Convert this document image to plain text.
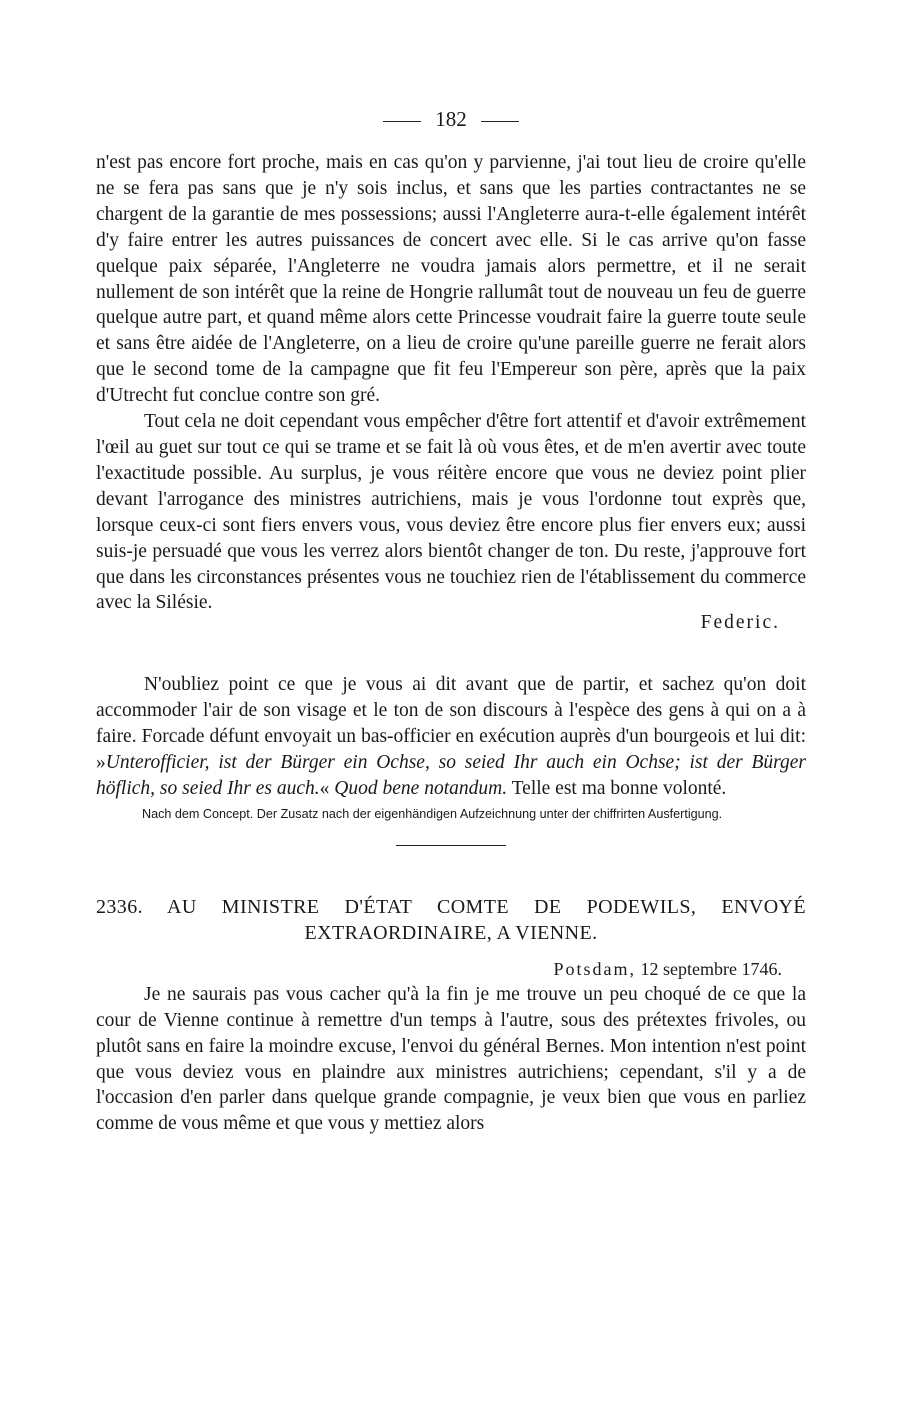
182

n'est pas encore fort proche, mais en cas qu'on y parvienne, j'ai tout lieu de croire qu'elle ne se fera pas sans que je n'y sois inclus, et sans que les parties contractantes ne se chargent de la garantie de mes possessions; aussi l'Angleterre aura-t-elle également intérêt d'y faire entrer les autres puissances de concert avec elle. Si le cas arrive qu'on fasse quelque paix séparée, l'Angleterre ne voudra jamais alors permettre, et il ne serait nullement de son intérêt que la reine de Hongrie rallumât tout de nouveau un feu de guerre quelque autre part, et quand même alors cette Princesse voudrait faire la guerre toute seule et sans être aidée de l'Angleterre, on a lieu de croire qu'une pareille guerre ne ferait alors que le second tome de la campagne que fit feu l'Empereur son père, après que la paix d'Utrecht fut conclue contre son gré.

Tout cela ne doit cependant vous empêcher d'être fort attentif et d'avoir extrêmement l'œil au guet sur tout ce qui se trame et se fait là où vous êtes, et de m'en avertir avec toute l'exactitude possible. Au surplus, je vous réitère encore que vous ne deviez point plier devant l'arrogance des ministres autrichiens, mais je vous l'ordonne tout exprès que, lorsque ceux-ci sont fiers envers vous, vous deviez être encore plus fier envers eux; aussi suis-je persuadé que vous les verrez alors bientôt changer de ton. Du reste, j'approuve fort que dans les circonstances présentes vous ne touchiez rien de l'établissement du commerce avec la Silésie.

Federic.

N'oubliez point ce que je vous ai dit avant que de partir, et sachez qu'on doit accommoder l'air de son visage et le ton de son discours à l'espèce des gens à qui on a à faire. Forcade défunt envoyait un bas-officier en exécution auprès d'un bourgeois et lui dit: »Unterofficier, ist der Bürger ein Ochse, so seied Ihr auch ein Ochse; ist der Bürger höflich, so seied Ihr es auch.« Quod bene notandum. Telle est ma bonne volonté.

Nach dem Concept. Der Zusatz nach der eigenhändigen Aufzeichnung unter der chiffrirten Ausfertigung.
2336. AU MINISTRE D'ÉTAT COMTE DE PODEWILS, ENVOYÉ
EXTRAORDINAIRE, A VIENNE.
Potsdam, 12 septembre 1746.

Je ne saurais pas vous cacher qu'à la fin je me trouve un peu choqué de ce que la cour de Vienne continue à remettre d'un temps à l'autre, sous des prétextes frivoles, ou plutôt sans en faire la moindre excuse, l'envoi du général Bernes. Mon intention n'est point que vous deviez vous en plaindre aux ministres autrichiens; cependant, s'il y a de l'occasion d'en parler dans quelque grande compagnie, je veux bien que vous en parliez comme de vous même et que vous y mettiez alors
